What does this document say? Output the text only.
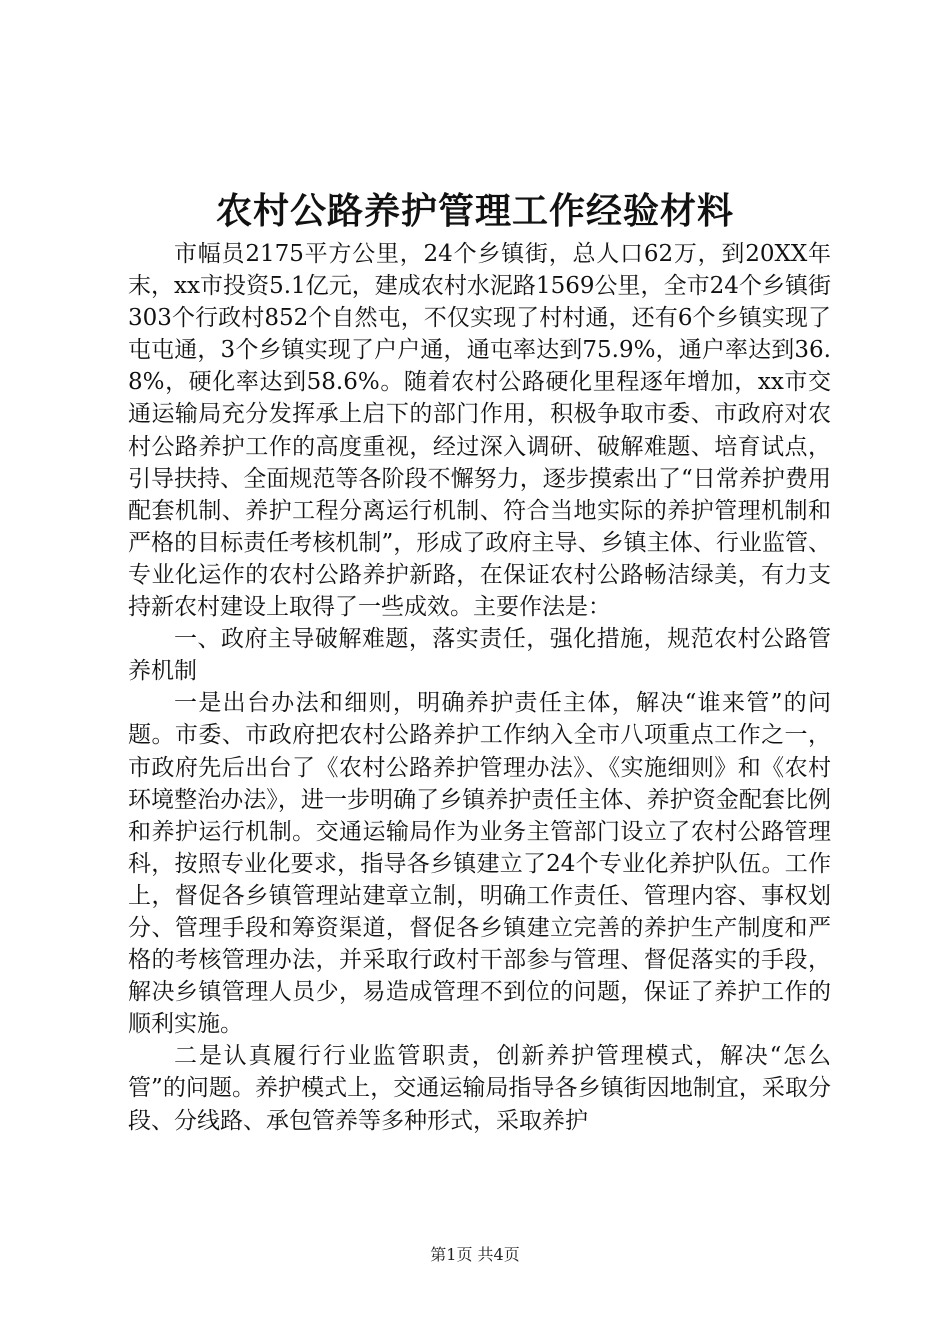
农村公路养护管理工作经验材料

市幅员2175平方公里，24个乡镇街，总人口62万，到20XX年末，xx市投资5.1亿元，建成农村水泥路1569公里，全市24个乡镇街303个行政村852个自然屯，不仅实现了村村通，还有6个乡镇实现了屯屯通，3个乡镇实现了户户通，通屯率达到75.9%，通户率达到36.8%，硬化率达到58.6%。随着农村公路硬化里程逐年增加，xx市交通运输局充分发挥承上启下的部门作用，积极争取市委、市政府对农村公路养护工作的高度重视，经过深入调研、破解难题、培育试点，引导扶持、全面规范等各阶段不懈努力，逐步摸索出了“日常养护费用配套机制、养护工程分离运行机制、符合当地实际的养护管理机制和严格的目标责任考核机制”，形成了政府主导、乡镇主体、行业监管、专业化运作的农村公路养护新路，在保证农村公路畅洁绿美，有力支持新农村建设上取得了一些成效。主要作法是：

一、政府主导破解难题，落实责任，强化措施，规范农村公路管养机制

一是出台办法和细则，明确养护责任主体，解决“谁来管”的问题。市委、市政府把农村公路养护工作纳入全市八项重点工作之一，市政府先后出台了《农村公路养护管理办法》、《实施细则》和《农村环境整治办法》，进一步明确了乡镇养护责任主体、养护资金配套比例和养护运行机制。交通运输局作为业务主管部门设立了农村公路管理科，按照专业化要求，指导各乡镇建立了24个专业化养护队伍。工作上，督促各乡镇管理站建章立制，明确工作责任、管理内容、事权划分、管理手段和筹资渠道，督促各乡镇建立完善的养护生产制度和严格的考核管理办法，并采取行政村干部参与管理、督促落实的手段，解决乡镇管理人员少，易造成管理不到位的问题，保证了养护工作的顺利实施。

二是认真履行行业监管职责，创新养护管理模式，解决“怎么管”的问题。养护模式上，交通运输局指导各乡镇街因地制宜，采取分段、分线路、承包管养等多种形式，采取养护

第1页 共4页
